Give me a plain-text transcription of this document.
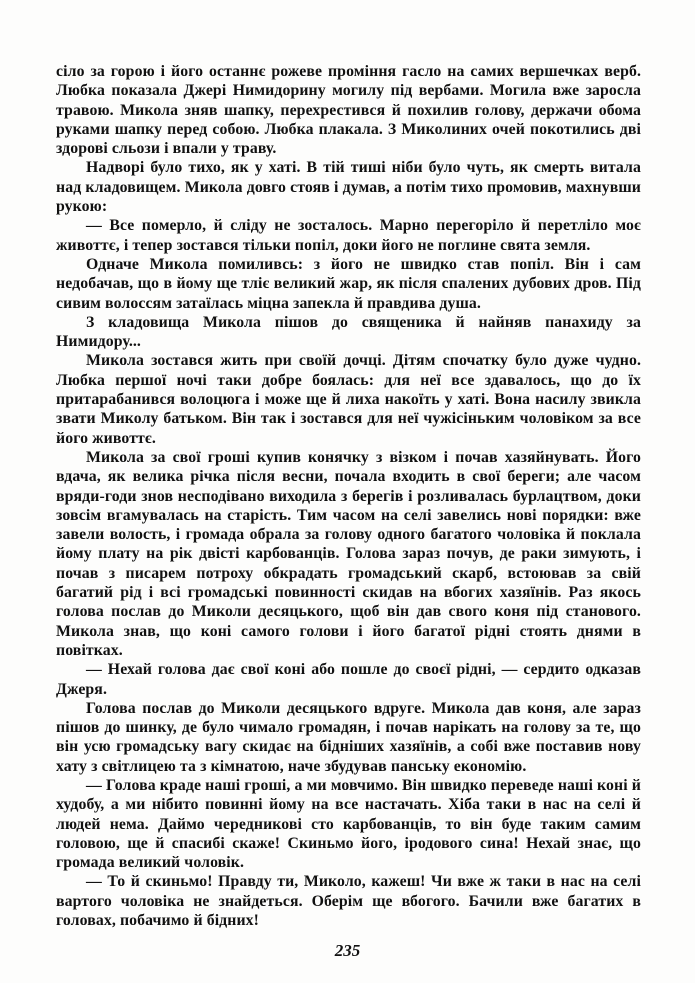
сіло за горою і його останнє рожеве проміння гасло на самих вершечках верб. Любка показала Джері Нимидорину могилу під вербами. Могила вже заросла травою. Микола зняв шапку, перехрестився й похилив голову, держачи обома руками шапку перед собою. Любка плакала. З Миколиних очей покотились дві здорові сльози і впали у траву.

Надворі було тихо, як у хаті. В тій тиші ніби було чуть, як смерть витала над кладовищем. Микола довго стояв і думав, а потім тихо промовив, махнувши рукою:

— Все померло, й сліду не зосталось. Марно перегоріло й перетліло моє животтє, і тепер зостався тільки попіл, доки його не поглине свята земля.

Одначе Микола помиливсь: з його не швидко став попіл. Він і сам недобачав, що в йому ще тліє великий жар, як після спалених дубових дров. Під сивим волоссям затаїлась міцна запекла й правдива душа.

З кладовища Микола пішов до священика й найняв панахиду за Нимидору...

Микола зостався жить при своїй дочці. Дітям спочатку було дуже чудно. Любка першої ночі таки добре боялась: для неї все здавалось, що до їх притарабанився волоцюга і може ще й лиха накоїть у хаті. Вона насилу звикла звати Миколу батьком. Він так і зостався для неї чужісіньким чоловіком за все його животтє.

Микола за свої гроші купив конячку з візком і почав хазяйнувать. Його вдача, як велика річка після весни, почала входить в свої береги; але часом вряди-годи знов несподівано виходила з берегів і розливалась бурлацтвом, доки зовсім вгамувалась на старість. Тим часом на селі завелись нові порядки: вже завели волость, і громада обрала за голову одного багатого чоловіка й поклала йому плату на рік двісті карбованців. Голова зараз почув, де раки зимують, і почав з писарем потроху обкрадать громадський скарб, встоював за свій багатий рід і всі громадські повинності скидав на вбогих хазяїнів. Раз якось голова послав до Миколи десяцького, щоб він дав свого коня під станового. Микола знав, що коні самого голови і його багатої рідні стоять днями в повітках.

— Нехай голова дає свої коні або пошле до своєї рідні, — сердито одказав Джеря.

Голова послав до Миколи десяцького вдруге. Микола дав коня, але зараз пішов до шинку, де було чимало громадян, і почав нарікать на голову за те, що він усю громадську вагу скидає на бідніших хазяїнів, а собі вже поставив нову хату з світлицею та з кімнатою, наче збудував панську економію.

— Голова краде наші гроші, а ми мовчимо. Він швидко переведе наші коні й худобу, а ми нібито повинні йому на все настачать. Хіба таки в нас на селі й людей нема. Даймо чередникові сто карбованців, то він буде таким самим головою, ще й спасибі скаже! Скиньмо його, іродового сина! Нехай знає, що громада великий чоловік.

— То й скиньмо! Правду ти, Миколо, кажеш! Чи вже ж таки в нас на селі вартого чоловіка не знайдеться. Оберім ще вбогого. Бачили вже багатих в головах, побачимо й бідних!

235
